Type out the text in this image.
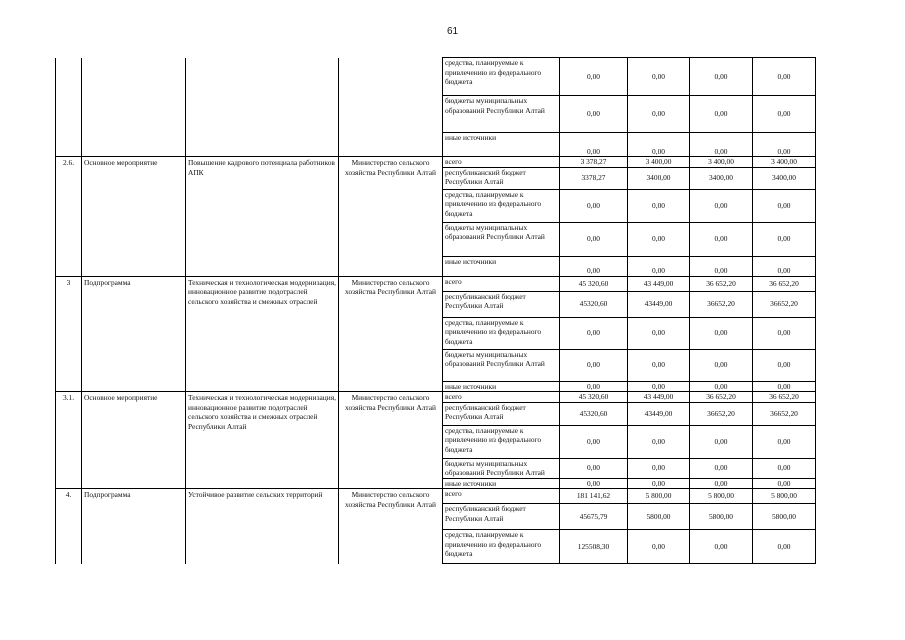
61
				средства, планируемые к привлечению из федерального бюджета	0,00	0,00	0,00	0,00
				бюджеты муниципальных образований Республики Алтай	0,00	0,00	0,00	0,00
				иные источники	0,00	0,00	0,00	0,00
2.6.	Основное мероприятие	Повышение кадрового потенциала работников АПК	Министерство сельского хозяйства Республики Алтай	всего	3 378,27	3 400,00	3 400,00	3 400,00
				республиканский бюджет Республики Алтай	3378,27	3400,00	3400,00	3400,00
				средства, планируемые к привлечению из федерального бюджета	0,00	0,00	0,00	0,00
				бюджеты муниципальных образований Республики Алтай	0,00	0,00	0,00	0,00
				иные источники	0,00	0,00	0,00	0,00
3	Подпрограмма	Техническая и технологическая модернизация, инновационное развитие подотраслей сельского хозяйства и смежных отраслей	Министерство сельского хозяйства Республики Алтай	всего	45 320,60	43 449,00	36 652,20	36 652,20
				республиканский бюджет Республики Алтай	45320,60	43449,00	36652,20	36652,20
				средства, планируемые к привлечению из федерального бюджета	0,00	0,00	0,00	0,00
				бюджеты муниципальных образований Республики Алтай	0,00	0,00	0,00	0,00
				иные источники	0,00	0,00	0,00	0,00
3.1.	Основное мероприятие	Техническая и технологическая модернизация, инновационное развитие подотраслей сельского хозяйства и смежных отраслей Республики Алтай	Министерство сельского хозяйства Республики Алтай	всего	45 320,60	43 449,00	36 652,20	36 652,20
				республиканский бюджет Республики Алтай	45320,60	43449,00	36652,20	36652,20
				средства, планируемые к привлечению из федерального бюджета	0,00	0,00	0,00	0,00
				бюджеты муниципальных образований Республики Алтай	0,00	0,00	0,00	0,00
				иные источники	0,00	0,00	0,00	0,00
4.	Подпрограмма	Устойчивое развитие сельских территорий	Министерство сельского хозяйства Республики Алтай	всего	181 141,62	5 800,00	5 800,00	5 800,00
				республиканский бюджет Республики Алтай	45675,79	5800,00	5800,00	5800,00
				средства, планируемые к привлечению из федерального бюджета	125508,30	0,00	0,00	0,00
